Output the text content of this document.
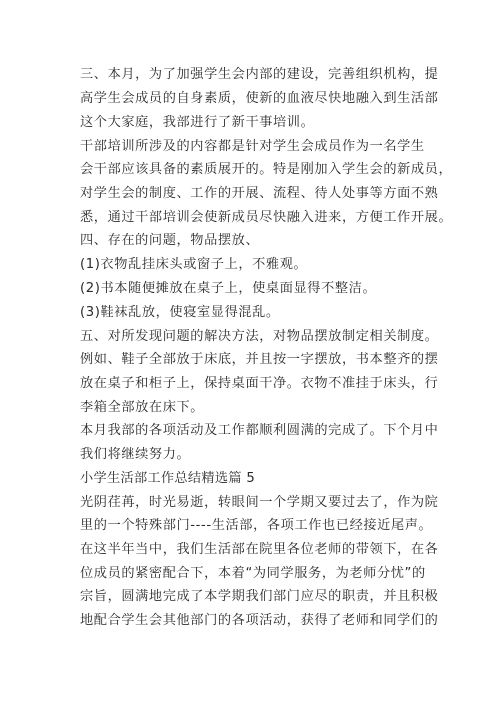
三、本月，为了加强学生会内部的建设，完善组织机构，提

高学生会成员的自身素质，使新的血液尽快地融入到生活部

这个大家庭，我部进行了新干事培训。

干部培训所涉及的内容都是针对学生会成员作为一名学生

会干部应该具备的素质展开的。特是刚加入学生会的新成员，

对学生会的制度、工作的开展、流程、待人处事等方面不熟

悉，通过干部培训会使新成员尽快融入进来，方便工作开展。

四、存在的问题，物品摆放、

(1)衣物乱挂床头或窗子上，不雅观。

(2)书本随便摊放在桌子上，使桌面显得不整洁。

(3)鞋袜乱放，使寝室显得混乱。

五、对所发现问题的解决方法，对物品摆放制定相关制度。

例如、鞋子全部放于床底，并且按一字摆放，书本整齐的摆

放在桌子和柜子上，保持桌面干净。衣物不准挂于床头，行

李箱全部放在床下。

本月我部的各项活动及工作都顺利圆满的完成了。下个月中

我们将继续努力。

小学生活部工作总结精选篇 5

光阴荏苒，时光易逝，转眼间一个学期又要过去了，作为院

里的一个特殊部门----生活部，各项工作也已经接近尾声。

在这半年当中，我们生活部在院里各位老师的带领下，在各

位成员的紧密配合下，本着“为同学服务，为老师分忧”的

宗旨，圆满地完成了本学期我们部门应尽的职责，并且积极

地配合学生会其他部门的各项活动，获得了老师和同学们的
